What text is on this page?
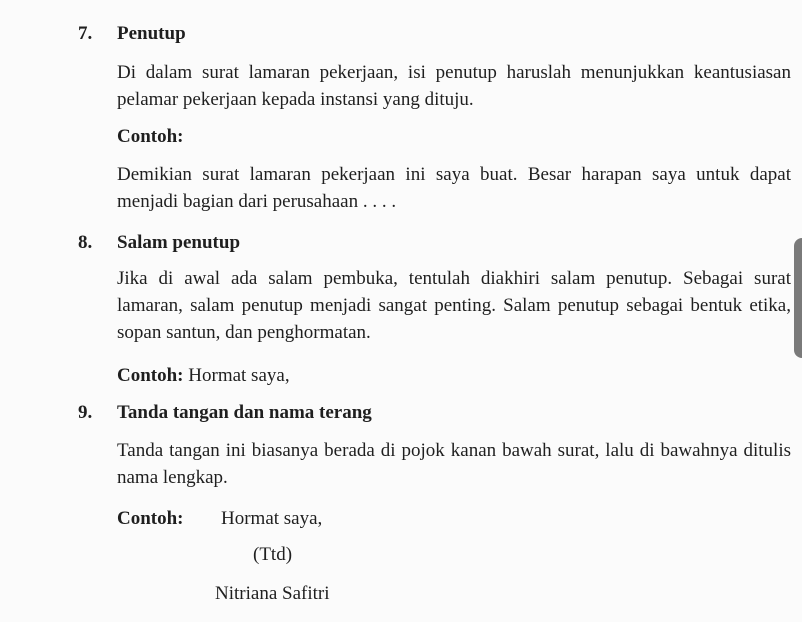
7. Penutup
Di dalam surat lamaran pekerjaan, isi penutup haruslah menunjukkan keantusiasan pelamar pekerjaan kepada instansi yang dituju.
Contoh:
Demikian surat lamaran pekerjaan ini saya buat. Besar harapan saya untuk dapat menjadi bagian dari perusahaan . . . .
8. Salam penutup
Jika di awal ada salam pembuka, tentulah diakhiri salam penutup. Sebagai surat lamaran, salam penutup menjadi sangat penting. Salam penutup sebagai bentuk etika, sopan santun, dan penghormatan.
Contoh: Hormat saya,
9. Tanda tangan dan nama terang
Tanda tangan ini biasanya berada di pojok kanan bawah surat, lalu di bawahnya ditulis nama lengkap.
Contoh: Hormat saya,
(Ttd)
Nitriana Safitri
